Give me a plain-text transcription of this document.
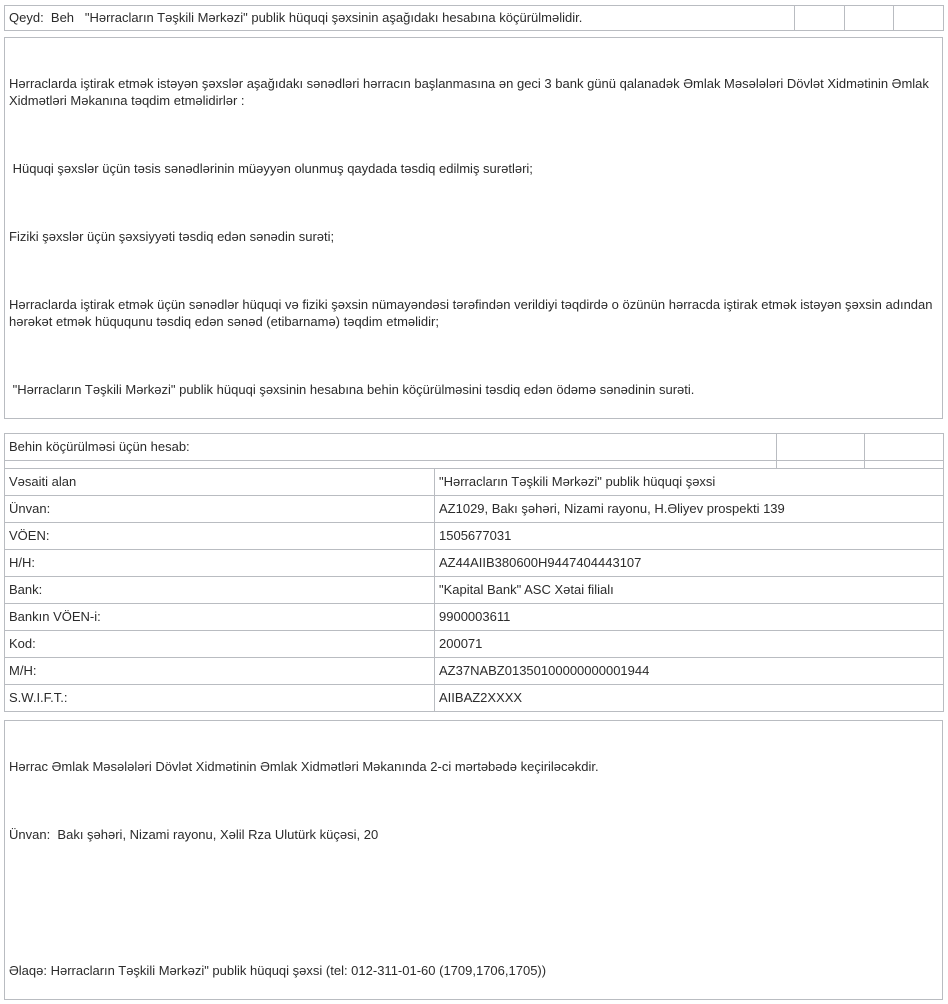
Qeyd:  Beh   "Hərracların Təşkili Mərkəzi" publik hüquqi şəxsinin aşağıdakı hesabına köçürülməlidir.			

Hərraclarda iştirak etmək istəyən şəxslər aşağıdakı sənədləri hərracın başlanmasına ən geci 3 bank günü qalanadək Əmlak Məsələləri Dövlət Xidmətinin Əmlak Xidmətləri Məkanına təqdim etməlidirlər :

Hüquqi şəxslər üçün təsis sənədlərinin müəyyən olunmuş qaydada təsdiq edilmiş surətləri;

Fiziki şəxslər üçün şəxsiyyəti təsdiq edən sənədin surəti;

Hərraclarda iştirak etmək üçün sənədlər hüquqi və fiziki şəxsin nümayəndəsi tərəfindən verildiyi təqdirdə o özünün hərracda iştirak etmək istəyən şəxsin adından hərəkət etmək hüququnu təsdiq edən sənəd (etibarnamə) təqdim etməlidir;

"Hərracların Təşkili Mərkəzi" publik hüquqi şəxsinin hesabına behin köçürülməsini təsdiq edən ödəmə sənədinin surəti.

Behin köçürülməsi üçün hesab:			

Vəsaiti alan	"Hərracların Təşkili Mərkəzi" publik hüquqi şəxsi		
Ünvan:	AZ1029, Bakı şəhəri, Nizami rayonu, H.Əliyev prospekti 139		
VÖEN:	1505677031		
H/H:	AZ44AIIB380600H9447404443107		
Bank:	"Kapital Bank" ASC Xətai filialı		
Bankın VÖEN-i:	9900003611		
Kod:	200071		
M/H:	AZ37NABZ01350100000000001944		
S.W.I.F.T.:	AIIBAZ2XXXX		

Hərrac Əmlak Məsələləri Dövlət Xidmətinin Əmlak Xidmətləri Məkanında 2-ci mərtəbədə keçiriləcəkdir.

Ünvan:  Bakı şəhəri, Nizami rayonu, Xəlil Rza Ulutürk küçəsi, 20

Əlaqə: Hərracların Təşkili Mərkəzi" publik hüquqi şəxsi (tel: 012-311-01-60 (1709,1706,1705))
